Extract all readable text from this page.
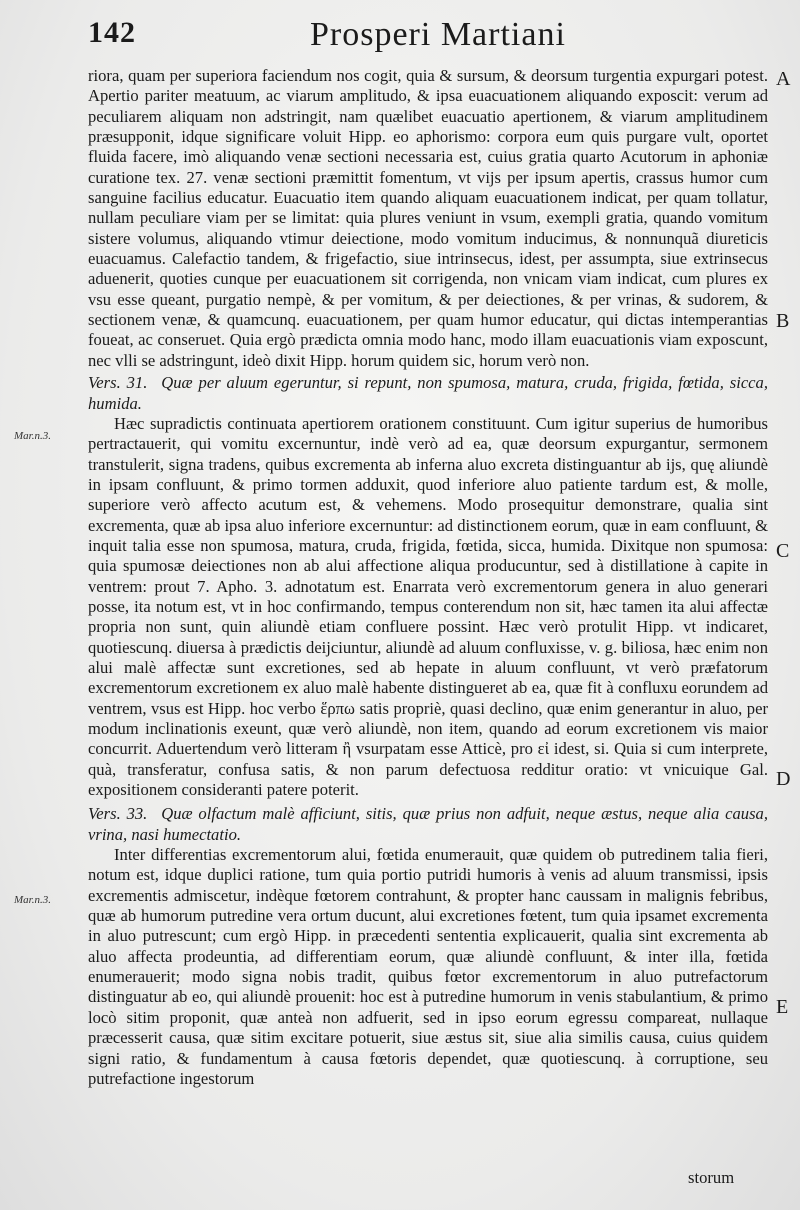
142	Prosperi Martiani

riora, quam per superiora faciendum nos cogit, quia & sursum, & deorsum turgentia expurgari potest. Apertio pariter meatuum, ac viarum amplitudo, & ipsa euacuationem aliquando exposcit: verum ad peculiarem aliquam non adstringit, nam quælibet euacuatio apertionem, & viarum amplitudinem præsupponit, idque significare voluit Hipp. eo aphorismo: corpora eum quis purgare vult, oportet fluida facere, imò aliquando venæ sectioni necessaria est, cuius gratia quarto Acutorum in aphoniæ curatione tex. 27. venæ sectioni præmittit fomentum, vt vijs per ipsum apertis, crassus humor cum sanguine facilius educatur. Euacuatio item quando aliquam euacuationem indicat, per quam tollatur, nullam peculiare viam per se limitat: quia plures veniunt in vsum, exempli gratia, quando vomitum sistere volumus, aliquando vtimur deiectione, modo vomitum inducimus, & nonnunquã diureticis euacuamus. Calefactio tandem, & frigefactio, siue intrinsecus, idest, per assumpta, siue extrinsecus aduenerit, quoties cunque per euacuationem sit corrigenda, non vnicam viam indicat, cum plures ex vsu esse queant, purgatio nempè, & per vomitum, & per deiectiones, & per vrinas, & sudorem, & sectionem venæ, & quamcunq. euacuationem, per quam humor educatur, qui dictas intemperantias foueat, ac conseruet. Quia ergò prædicta omnia modo hanc, modo illam euacuationis viam exposcunt, nec vlli se adstringunt, ideò dixit Hipp. horum quidem sic, horum verò non.

Vers. 31. Quæ per aluum egeruntur, si repunt, non spumosa, matura, cruda, frigida, fœtida, sicca, humida.

Hæc supradictis continuata apertiorem orationem constituunt. Cum igitur superius de humoribus pertractauerit, qui vomitu excernuntur, indè verò ad ea, quæ deorsum expurgantur, sermonem transtulerit, signa tradens, quibus excrementa ab inferna aluo excreta distinguantur ab ijs, quę aliundè in ipsam confluunt, & primo tormen adduxit, quod inferiore aluo patiente tardum est, & molle, superiore verò affecto acutum est, & vehemens. Modo prosequitur demonstrare, qualia sint excrementa, quæ ab ipsa aluo inferiore excernuntur: ad distinctionem eorum, quæ in eam confluunt, & inquit talia esse non spumosa, matura, cruda, frigida, fœtida, sicca, humida. Dixitque non spumosa: quia spumosæ deiectiones non ab alui affectione aliqua producuntur, sed à distillatione à capite in ventrem: prout 7. Apho. 3. adnotatum est. Enarrata verò excrementorum genera in aluo generari posse, ita notum est, vt in hoc confirmando, tempus conterendum non sit, hæc tamen ita alui affectæ propria non sunt, quin aliundè etiam confluere possint. Hæc verò protulit Hipp. vt indicaret, quotiescunq. diuersa à prædictis deijciuntur, aliundè ad aluum confluxisse, v. g. biliosa, hæc enim non alui malè affectæ sunt excretiones, sed ab hepate in aluum confluunt, vt verò præfatorum excrementorum excretionem ex aluo malè habente distingueret ab ea, quæ fit à confluxu eorundem ad ventrem, vsus est Hipp. hoc verbo ἕρπω satis propriè, quasi declino, quæ enim generantur in aluo, per modum inclinationis exeunt, quæ verò aliundè, non item, quando ad eorum excretionem vis maior concurrit. Aduertendum verò litteram ἢ vsurpatam esse Atticè, pro εἰ idest, si. Quia si cum interprete, quà, transferatur, confusa satis, & non parum defectuosa redditur oratio: vt vnicuique Gal. expositionem consideranti patere poterit.

Vers. 33. Quæ olfactum malè afficiunt, sitis, quæ prius non adfuit, neque æstus, neque alia causa, vrina, nasi humectatio.

Inter differentias excrementorum alui, fœtida enumerauit, quæ quidem ob putredinem talia fieri, notum est, idque duplici ratione, tum quia portio putridi humoris à venis ad aluum transmissi, ipsis excrementis admiscetur, indèque fœtorem contrahunt, & propter hanc caussam in malignis febribus, quæ ab humorum putredine vera ortum ducunt, alui excretiones fœtent, tum quia ipsamet excrementa in aluo putrescunt; cum ergò Hipp. in præcedenti sententia explicauerit, qualia sint excrementa ab aluo affecta prodeuntia, ad differentiam eorum, quæ aliundè confluunt, & inter illa, fœtida enumerauerit; modo signa nobis tradit, quibus fœtor excrementorum in aluo putrefactorum distinguatur ab eo, qui aliundè prouenit: hoc est à putredine humorum in venis stabulantium, & primo locò sitim proponit, quæ anteà non adfuerit, sed in ipso eorum egressu compareat, nullaque præcesserit causa, quæ sitim excitare potuerit, siue æstus sit, siue alia similis causa, cuius quidem signi ratio, & fundamentum à causa fœtoris dependet, quæ quotiescunq. à corruptione, seu putrefactione ingestorum

Mar.n.3.
Mar.n.3.
A
B
C
D
E
storum
